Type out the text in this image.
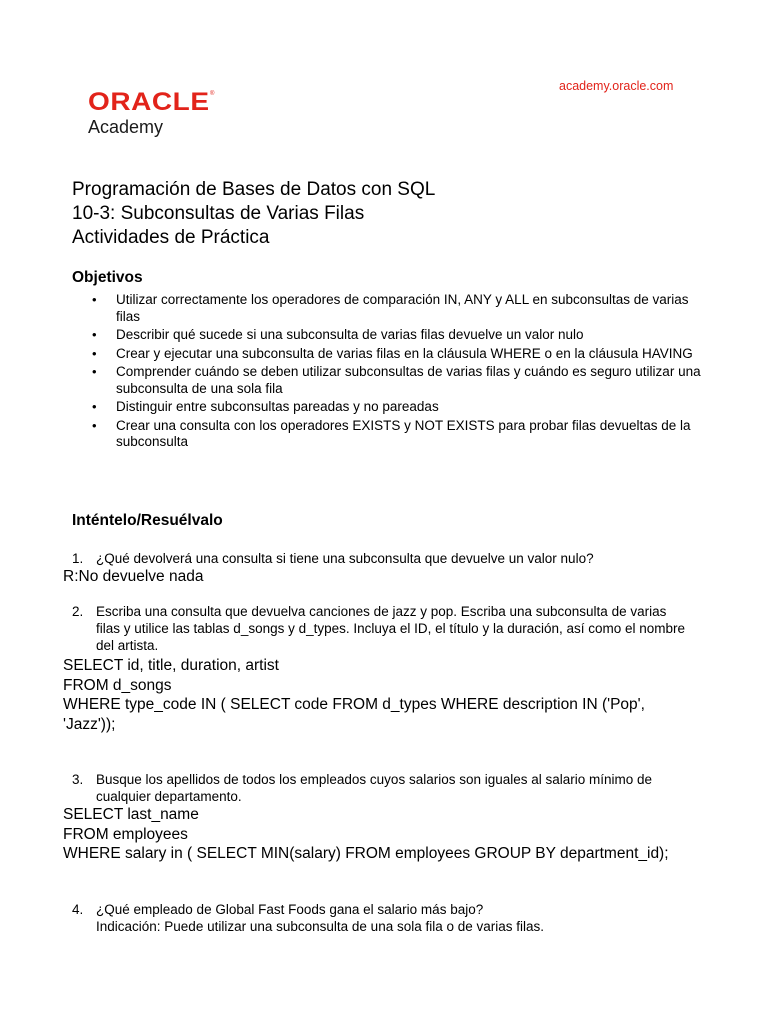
academy.oracle.com
ORACLE ®
Academy
Programación de Bases de Datos con SQL
10-3: Subconsultas de Varias Filas
Actividades de Práctica
Objetivos
• Utilizar correctamente los operadores de comparación IN, ANY y ALL en subconsultas de varias filas
• Describir qué sucede si una subconsulta de varias filas devuelve un valor nulo
• Crear y ejecutar una subconsulta de varias filas en la cláusula WHERE o en la cláusula HAVING
• Comprender cuándo se deben utilizar subconsultas de varias filas y cuándo es seguro utilizar una subconsulta de una sola fila
• Distinguir entre subconsultas pareadas y no pareadas
• Crear una consulta con los operadores EXISTS y NOT EXISTS para probar filas devueltas de la subconsulta
Inténtelo/Resuélvalo
1. ¿Qué devolverá una consulta si tiene una subconsulta que devuelve un valor nulo?
R:No devuelve nada
2. Escriba una consulta que devuelva canciones de jazz y pop. Escriba una subconsulta de varias filas y utilice las tablas d_songs y d_types. Incluya el ID, el título y la duración, así como el nombre del artista.
SELECT id, title, duration, artist
FROM d_songs
WHERE type_code IN ( SELECT code FROM d_types WHERE description IN ('Pop',
'Jazz'));
3. Busque los apellidos de todos los empleados cuyos salarios son iguales al salario mínimo de cualquier departamento.
SELECT last_name
FROM employees
WHERE salary in ( SELECT MIN(salary) FROM employees GROUP BY department_id);
4. ¿Qué empleado de Global Fast Foods gana el salario más bajo?

Indicación: Puede utilizar una subconsulta de una sola fila o de varias filas.
